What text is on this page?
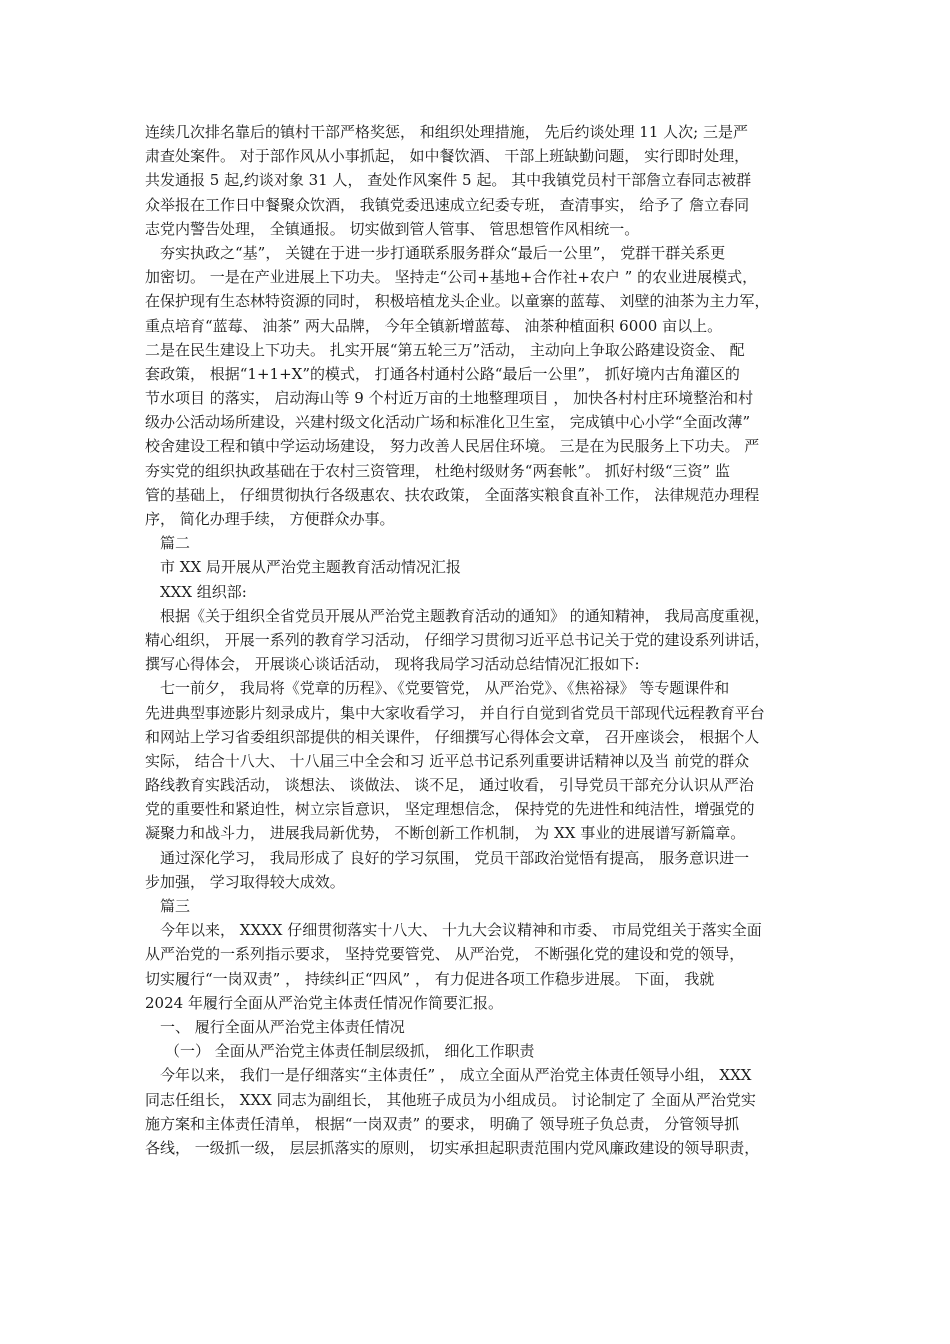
连续几次排名靠后的镇村干部严格奖惩， 和组织处理措施， 先后约谈处理 11 人次; 三是严
肃查处案件。 对于部作风从小事抓起， 如中餐饮酒、 干部上班缺勤问题， 实行即时处理，
共发通报 5 起,约谈对象 31 人， 查处作风案件 5 起。 其中我镇党员村干部詹立春同志被群
众举报在工作日中餐聚众饮酒， 我镇党委迅速成立纪委专班， 查清事实， 给予了 詹立春同
志党内警告处理， 全镇通报。 切实做到管人管事、 管思想管作风相统一。
夯实执政之“基”， 关键在于进一步打通联系服务群众“最后一公里”， 党群干群关系更
加密切。 一是在产业进展上下功夫。 坚持走“公司+基地+合作社+农户 ” 的农业进展模式，
在保护现有生态林特资源的同时， 积极培植龙头企业。以童寨的蓝莓、 刘壁的油茶为主力军，
重点培育“蓝莓、 油茶” 两大品牌， 今年全镇新增蓝莓、 油茶种植面积 6000 亩以上。
二是在民生建设上下功夫。 扎实开展“第五轮三万”活动， 主动向上争取公路建设资金、 配
套政策， 根据“1+1+X”的模式， 打通各村通村公路“最后一公里”， 抓好境内古角灌区的
节水项目 的落实， 启动海山等 9 个村近万亩的土地整理项目 ， 加快各村村庄环境整治和村
级办公活动场所建设，兴建村级文化活动广场和标准化卫生室， 完成镇中心小学“全面改薄”
校舍建设工程和镇中学运动场建设， 努力改善人民居住环境。 三是在为民服务上下功夫。 严
夯实党的组织执政基础在于农村三资管理， 杜绝村级财务“两套帐”。 抓好村级“三资” 监
管的基础上， 仔细贯彻执行各级惠农、扶农政策， 全面落实粮食直补工作， 法律规范办理程
序， 简化办理手续， 方便群众办事。
篇二
市 XX 局开展从严治党主题教育活动情况汇报
XXX 组织部:
根据《关于组织全省党员开展从严治党主题教育活动的通知》 的通知精神， 我局高度重视，
精心组织， 开展一系列的教育学习活动， 仔细学习贯彻习近平总书记关于党的建设系列讲话，
撰写心得体会， 开展谈心谈话活动， 现将我局学习活动总结情况汇报如下:
七一前夕， 我局将《党章的历程》、《党要管党， 从严治党》、《焦裕禄》 等专题课件和
先进典型事迹影片刻录成片，集中大家收看学习， 并自行自觉到省党员干部现代远程教育平台
和网站上学习省委组织部提供的相关课件， 仔细撰写心得体会文章， 召开座谈会， 根据个人
实际， 结合十八大、 十八届三中全会和习 近平总书记系列重要讲话精神以及当 前党的群众
路线教育实践活动， 谈想法、 谈做法、 谈不足， 通过收看， 引导党员干部充分认识从严治
党的重要性和紧迫性，树立宗旨意识， 坚定理想信念， 保持党的先进性和纯洁性，增强党的
凝聚力和战斗力， 进展我局新优势， 不断创新工作机制， 为 XX 事业的进展谱写新篇章。
通过深化学习， 我局形成了 良好的学习氛围， 党员干部政治觉悟有提高， 服务意识进一
步加强， 学习取得较大成效。
篇三
今年以来， XXXX 仔细贯彻落实十八大、 十九大会议精神和市委、 市局党组关于落实全面
从严治党的一系列指示要求， 坚持党要管党、 从严治党， 不断强化党的建设和党的领导，
切实履行“一岗双责” ， 持续纠正“四风” ， 有力促进各项工作稳步进展。 下面， 我就
2024 年履行全面从严治党主体责任情况作简要汇报。
一、 履行全面从严治党主体责任情况
（一） 全面从严治党主体责任制层级抓， 细化工作职责
今年以来， 我们一是仔细落实“主体责任” ， 成立全面从严治党主体责任领导小组， XXX
同志任组长， XXX 同志为副组长， 其他班子成员为小组成员。 讨论制定了 全面从严治党实
施方案和主体责任清单， 根据“一岗双责” 的要求， 明确了 领导班子负总责， 分管领导抓
各线， 一级抓一级， 层层抓落实的原则， 切实承担起职责范围内党风廉政建设的领导职责，
